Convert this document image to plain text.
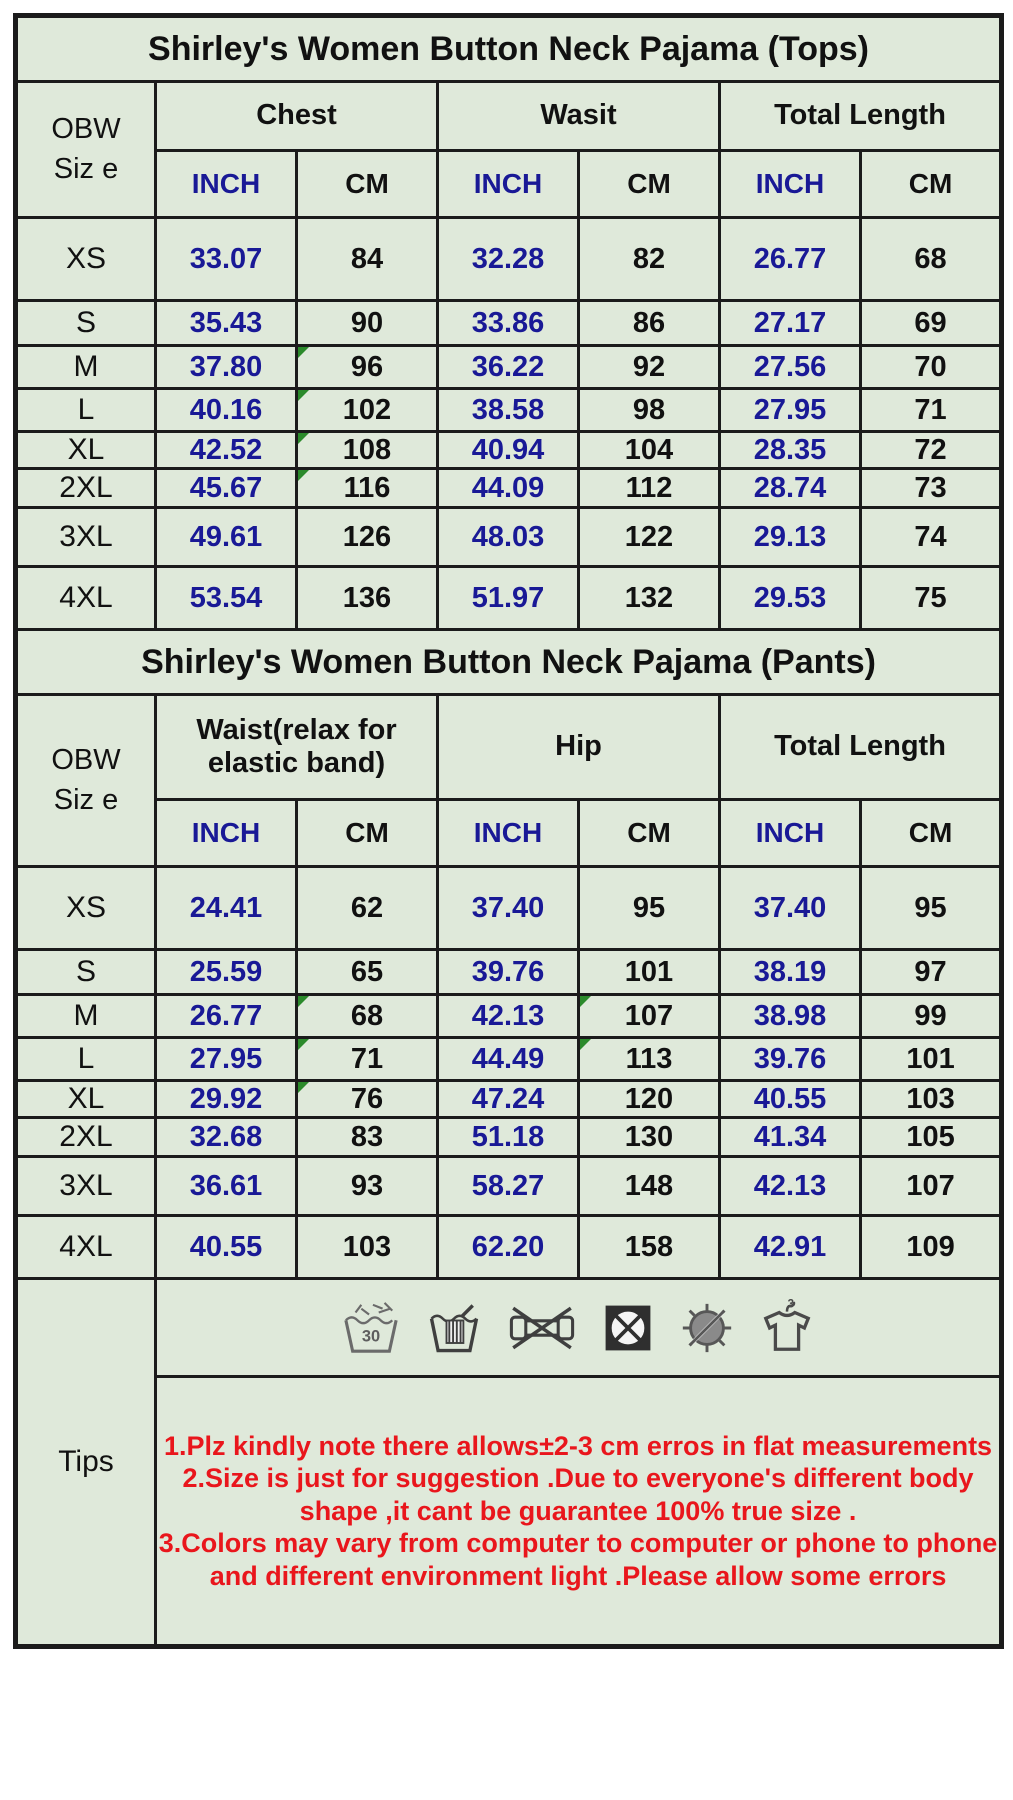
Shirley's Women Button Neck Pajama (Tops)						
OBW
Siz e	Chest		Wasit		Total Length	
	INCH	CM	INCH	CM	INCH	CM
XS	33.07	84	32.28	82	26.77	68
S	35.43	90	33.86	86	27.17	69
M	37.80	96	36.22	92	27.56	70
L	40.16	102	38.58	98	27.95	71
XL	42.52	108	40.94	104	28.35	72
2XL	45.67	116	44.09	112	28.74	73
3XL	49.61	126	48.03	122	29.13	74
4XL	53.54	136	51.97	132	29.53	75
Shirley's Women Button Neck Pajama (Pants)						
OBW
Siz e	Waist(relax for elastic band)		Hip		Total Length	
	INCH	CM	INCH	CM	INCH	CM
XS	24.41	62	37.40	95	37.40	95
S	25.59	65	39.76	101	38.19	97
M	26.77	68	42.13	107	38.98	99
L	27.95	71	44.49	113	39.76	101
XL	29.92	76	47.24	120	40.55	103
2XL	32.68	83	51.18	130	41.34	105
3XL	36.61	93	58.27	148	42.13	107
4XL	40.55	103	62.20	158	42.91	109
Tips	30
3					

	1.Plz kindly note there allows±2-3 cm erros in flat measurements

2.Size is just for suggestion .Due to everyone's different body shape ,it cant be guarantee 100% true size .

3.Colors may vary from computer to computer or phone to phone and different environment light .Please allow some errors					
